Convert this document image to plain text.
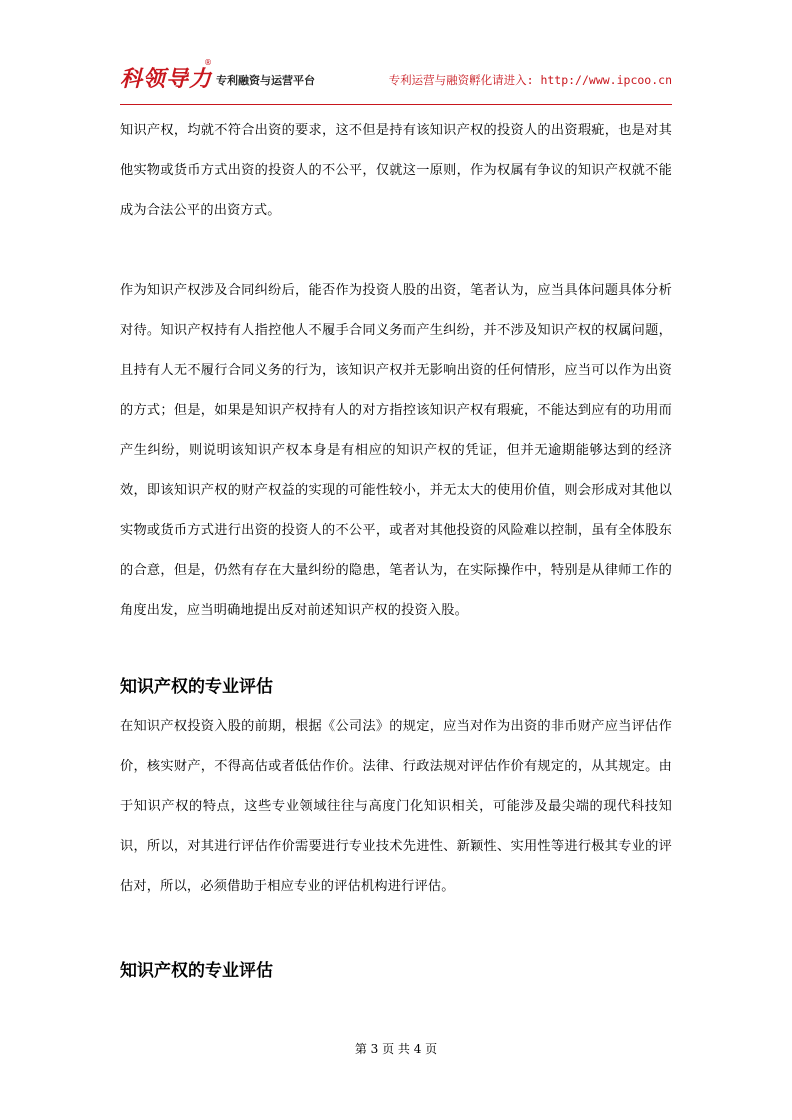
科领导力
®
专利融资与运营平台	专利运营与融资孵化请进入: http://www.ipcoo.cn

知识产权，均就不符合出资的要求，这不但是持有该知识产权的投资人的出资瑕疵，也是对其他实物或货币方式出资的投资人的不公平，仅就这一原则，作为权属有争议的知识产权就不能成为合法公平的出资方式。

作为知识产权涉及合同纠纷后，能否作为投资人股的出资，笔者认为，应当具体问题具体分析对待。知识产权持有人指控他人不履手合同义务而产生纠纷，并不涉及知识产权的权属问题，且持有人无不履行合同义务的行为，该知识产权并无影响出资的任何情形，应当可以作为出资的方式；但是，如果是知识产权持有人的对方指控该知识产权有瑕疵，不能达到应有的功用而产生纠纷，则说明该知识产权本身是有相应的知识产权的凭证，但并无逾期能够达到的经济效，即该知识产权的财产权益的实现的可能性较小，并无太大的使用价值，则会形成对其他以实物或货币方式进行出资的投资人的不公平，或者对其他投资的风险难以控制，虽有全体股东的合意，但是，仍然有存在大量纠纷的隐患，笔者认为，在实际操作中，特别是从律师工作的角度出发，应当明确地提出反对前述知识产权的投资入股。

知识产权的专业评估

在知识产权投资入股的前期，根据《公司法》的规定，应当对作为出资的非币财产应当评估作价，核实财产，不得高估或者低估作价。法律、行政法规对评估作价有规定的，从其规定。由于知识产权的特点，这些专业领域往往与高度门化知识相关，可能涉及最尖端的现代科技知识，所以，对其进行评估作价需要进行专业技术先进性、新颖性、实用性等进行极其专业的评估对，所以，必须借助于相应专业的评估机构进行评估。

知识产权的专业评估
第 3 页 共 4 页
